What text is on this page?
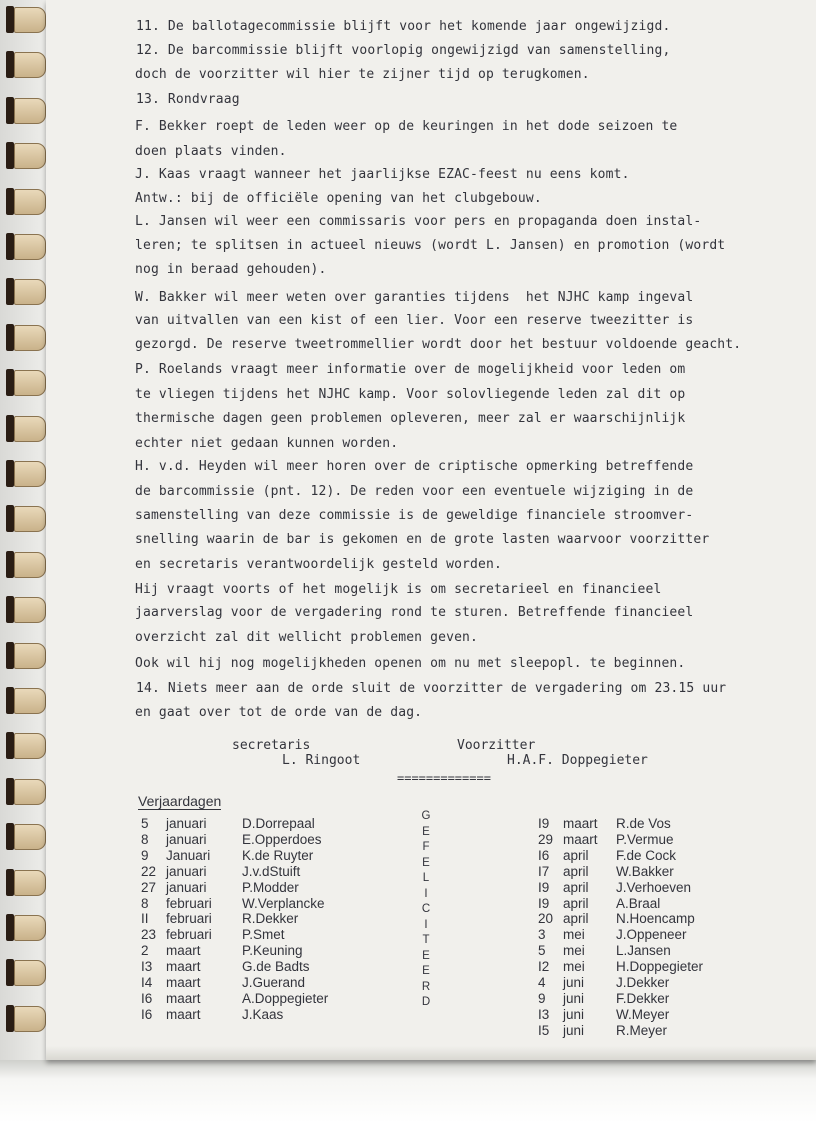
11. De ballotagecommissie blijft voor het komende jaar ongewijzigd.
12. De barcommissie blijft voorlopig ongewijzigd van samenstelling,
doch de voorzitter wil hier te zijner tijd op terugkomen.
13. Rondvraag
F. Bekker roept de leden weer op de keuringen in het dode seizoen te
doen plaats vinden.
J. Kaas vraagt wanneer het jaarlijkse EZAC-feest nu eens komt.
Antw.: bij de officiële opening van het clubgebouw.
L. Jansen wil weer een commissaris voor pers en propaganda doen instal-
leren; te splitsen in actueel nieuws (wordt L. Jansen) en promotion (wordt
nog in beraad gehouden).
W. Bakker wil meer weten over garanties tijdens  het NJHC kamp ingeval
van uitvallen van een kist of een lier. Voor een reserve tweezitter is
gezorgd. De reserve tweetrommellier wordt door het bestuur voldoende geacht.
P. Roelands vraagt meer informatie over de mogelijkheid voor leden om
te vliegen tijdens het NJHC kamp. Voor solovliegende leden zal dit op
thermische dagen geen problemen opleveren, meer zal er waarschijnlijk
echter niet gedaan kunnen worden.
H. v.d. Heyden wil meer horen over de criptische opmerking betreffende
de barcommissie (pnt. 12). De reden voor een eventuele wijziging in de
samenstelling van deze commissie is de geweldige financiele stroomver-
snelling waarin de bar is gekomen en de grote lasten waarvoor voorzitter
en secretaris verantwoordelijk gesteld worden.
Hij vraagt voorts of het mogelijk is om secretarieel en financieel
jaarverslag voor de vergadering rond te sturen. Betreffende financieel
overzicht zal dit wellicht problemen geven.
Ook wil hij nog mogelijkheden openen om nu met sleepopl. te beginnen.
14. Niets meer aan de orde sluit de voorzitter de vergadering om 23.15 uur
en gaat over tot de orde van de dag.
secretaris
L. Ringoot
Voorzitter
H.A.F. Doppegieter
=============
Verjaardagen
5 januari	D.Dorrepaal
8 januari	E.Opperdoes
9 Januari K.de Ruyter
22 januari	J.v.dStuift
27 januari	P.Modder
8 februari W.Verplancke
II februari R.Dekker
23 februari P.Smet
2 maart	P.Keuning
I3 maart	G.de Badts
I4 maart	J.Guerand
I6 maart	A.Doppegieter
I6 maart	J.Kaas
G
E
F
E
L
I
C
I
T
E
E
R
D
I9 maart R.de Vos
29 maart P.Vermue
I6 april F.de Cock
I7 april W.Bakker
I9 april J.Verhoeven
I9 april A.Braal
20 april N.Hoencamp
3 mei J.Oppeneer
5 mei L.Jansen
I2 mei H.Doppegieter
4 juni J.Dekker
9 juni F.Dekker
I3 juni W.Meyer
I5 juni R.Meyer
